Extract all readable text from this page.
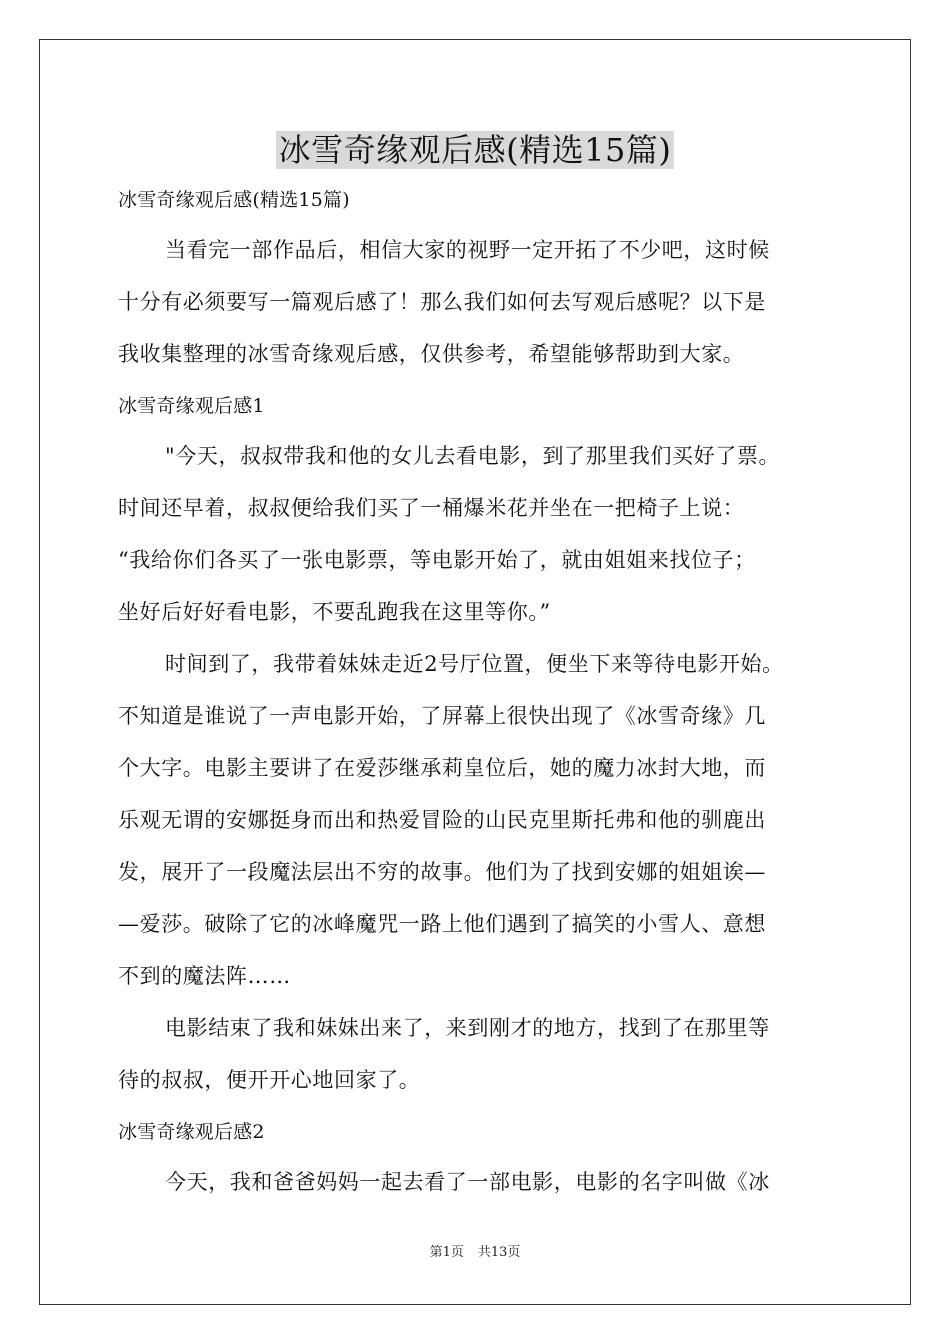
冰雪奇缘观后感(精选15篇)
冰雪奇缘观后感(精选15篇)
当看完一部作品后，相信大家的视野一定开拓了不少吧，这时候
十分有必须要写一篇观后感了！那么我们如何去写观后感呢？以下是
我收集整理的冰雪奇缘观后感，仅供参考，希望能够帮助到大家。
冰雪奇缘观后感1
"今天，叔叔带我和他的女儿去看电影，到了那里我们买好了票。
时间还早着，叔叔便给我们买了一桶爆米花并坐在一把椅子上说：
“我给你们各买了一张电影票，等电影开始了，就由姐姐来找位子；
坐好后好好看电影，不要乱跑我在这里等你。”
时间到了，我带着妹妹走近2号厅位置，便坐下来等待电影开始。
不知道是谁说了一声电影开始，了屏幕上很快出现了《冰雪奇缘》几
个大字。电影主要讲了在爱莎继承莉皇位后，她的魔力冰封大地，而
乐观无谓的安娜挺身而出和热爱冒险的山民克里斯托弗和他的驯鹿出
发，展开了一段魔法层出不穷的故事。他们为了找到安娜的姐姐诶—
—爱莎。破除了它的冰峰魔咒一路上他们遇到了搞笑的小雪人、意想
不到的魔法阵……
电影结束了我和妹妹出来了，来到刚才的地方，找到了在那里等
待的叔叔，便开开心地回家了。
冰雪奇缘观后感2
今天，我和爸爸妈妈一起去看了一部电影，电影的名字叫做《冰
第1页 共13页
